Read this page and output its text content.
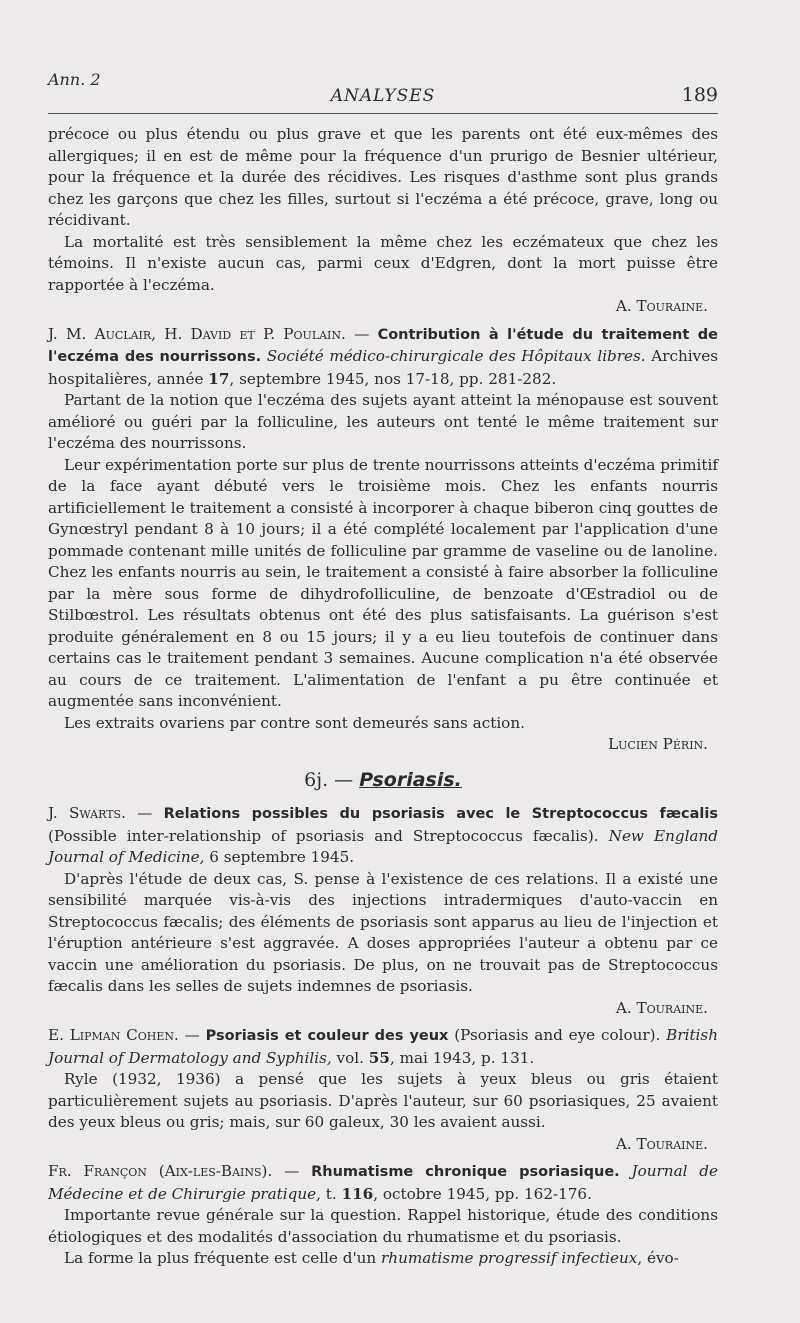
Ann. 2
ANALYSES	189

précoce ou plus étendu ou plus grave et que les parents ont été eux-mêmes des allergiques; il en est de même pour la fréquence d'un prurigo de Besnier ultérieur, pour la fréquence et la durée des récidives. Les risques d'asthme sont plus grands chez les garçons que chez les filles, surtout si l'eczéma a été précoce, grave, long ou récidivant.

La mortalité est très sensiblement la même chez les eczémateux que chez les témoins. Il n'existe aucun cas, parmi ceux d'Edgren, dont la mort puisse être rapportée à l'eczéma.

A. Touraine.

J. M. Auclair, H. David et P. Poulain. — Contribution à l'étude du traitement de l'eczéma des nourrissons. Société médico-chirurgicale des Hôpitaux libres. Archives hospitalières, année 17, septembre 1945, nos 17-18, pp. 281-282.

Partant de la notion que l'eczéma des sujets ayant atteint la ménopause est souvent amélioré ou guéri par la folliculine, les auteurs ont tenté le même traitement sur l'eczéma des nourrissons.

Leur expérimentation porte sur plus de trente nourrissons atteints d'eczéma primitif de la face ayant débuté vers le troisième mois. Chez les enfants nourris artificiellement le traitement a consisté à incorporer à chaque biberon cinq gouttes de Gynœstryl pendant 8 à 10 jours; il a été complété localement par l'application d'une pommade contenant mille unités de folliculine par gramme de vaseline ou de lanoline. Chez les enfants nourris au sein, le traitement a consisté à faire absorber la folliculine par la mère sous forme de dihydrofolliculine, de benzoate d'Œstradiol ou de Stilbœstrol. Les résultats obtenus ont été des plus satisfaisants. La guérison s'est produite généralement en 8 ou 15 jours; il y a eu lieu toutefois de continuer dans certains cas le traitement pendant 3 semaines. Aucune complication n'a été observée au cours de ce traitement. L'alimentation de l'enfant a pu être continuée et augmentée sans inconvénient.

Les extraits ovariens par contre sont demeurés sans action.

Lucien Périn.

6j. — Psoriasis.

J. Swarts. — Relations possibles du psoriasis avec le Streptococcus fæcalis (Possible inter-relationship of psoriasis and Streptococcus fæcalis). New England Journal of Medicine, 6 septembre 1945.

D'après l'étude de deux cas, S. pense à l'existence de ces relations. Il a existé une sensibilité marquée vis-à-vis des injections intradermiques d'auto-vaccin en Streptococcus fæcalis; des éléments de psoriasis sont apparus au lieu de l'injection et l'éruption antérieure s'est aggravée. A doses appropriées l'auteur a obtenu par ce vaccin une amélioration du psoriasis. De plus, on ne trouvait pas de Streptococcus fæcalis dans les selles de sujets indemnes de psoriasis.

A. Touraine.

E. Lipman Cohen. — Psoriasis et couleur des yeux (Psoriasis and eye colour). British Journal of Dermatology and Syphilis, vol. 55, mai 1943, p. 131.

Ryle (1932, 1936) a pensé que les sujets à yeux bleus ou gris étaient particulièrement sujets au psoriasis. D'après l'auteur, sur 60 psoriasiques, 25 avaient des yeux bleus ou gris; mais, sur 60 galeux, 30 les avaient aussi.

A. Touraine.

Fr. Françon (Aix-les-Bains). — Rhumatisme chronique psoriasique. Journal de Médecine et de Chirurgie pratique, t. 116, octobre 1945, pp. 162-176.

Importante revue générale sur la question. Rappel historique, étude des conditions étiologiques et des modalités d'association du rhumatisme et du psoriasis.

La forme la plus fréquente est celle d'un rhumatisme progressif infectieux, évo-
